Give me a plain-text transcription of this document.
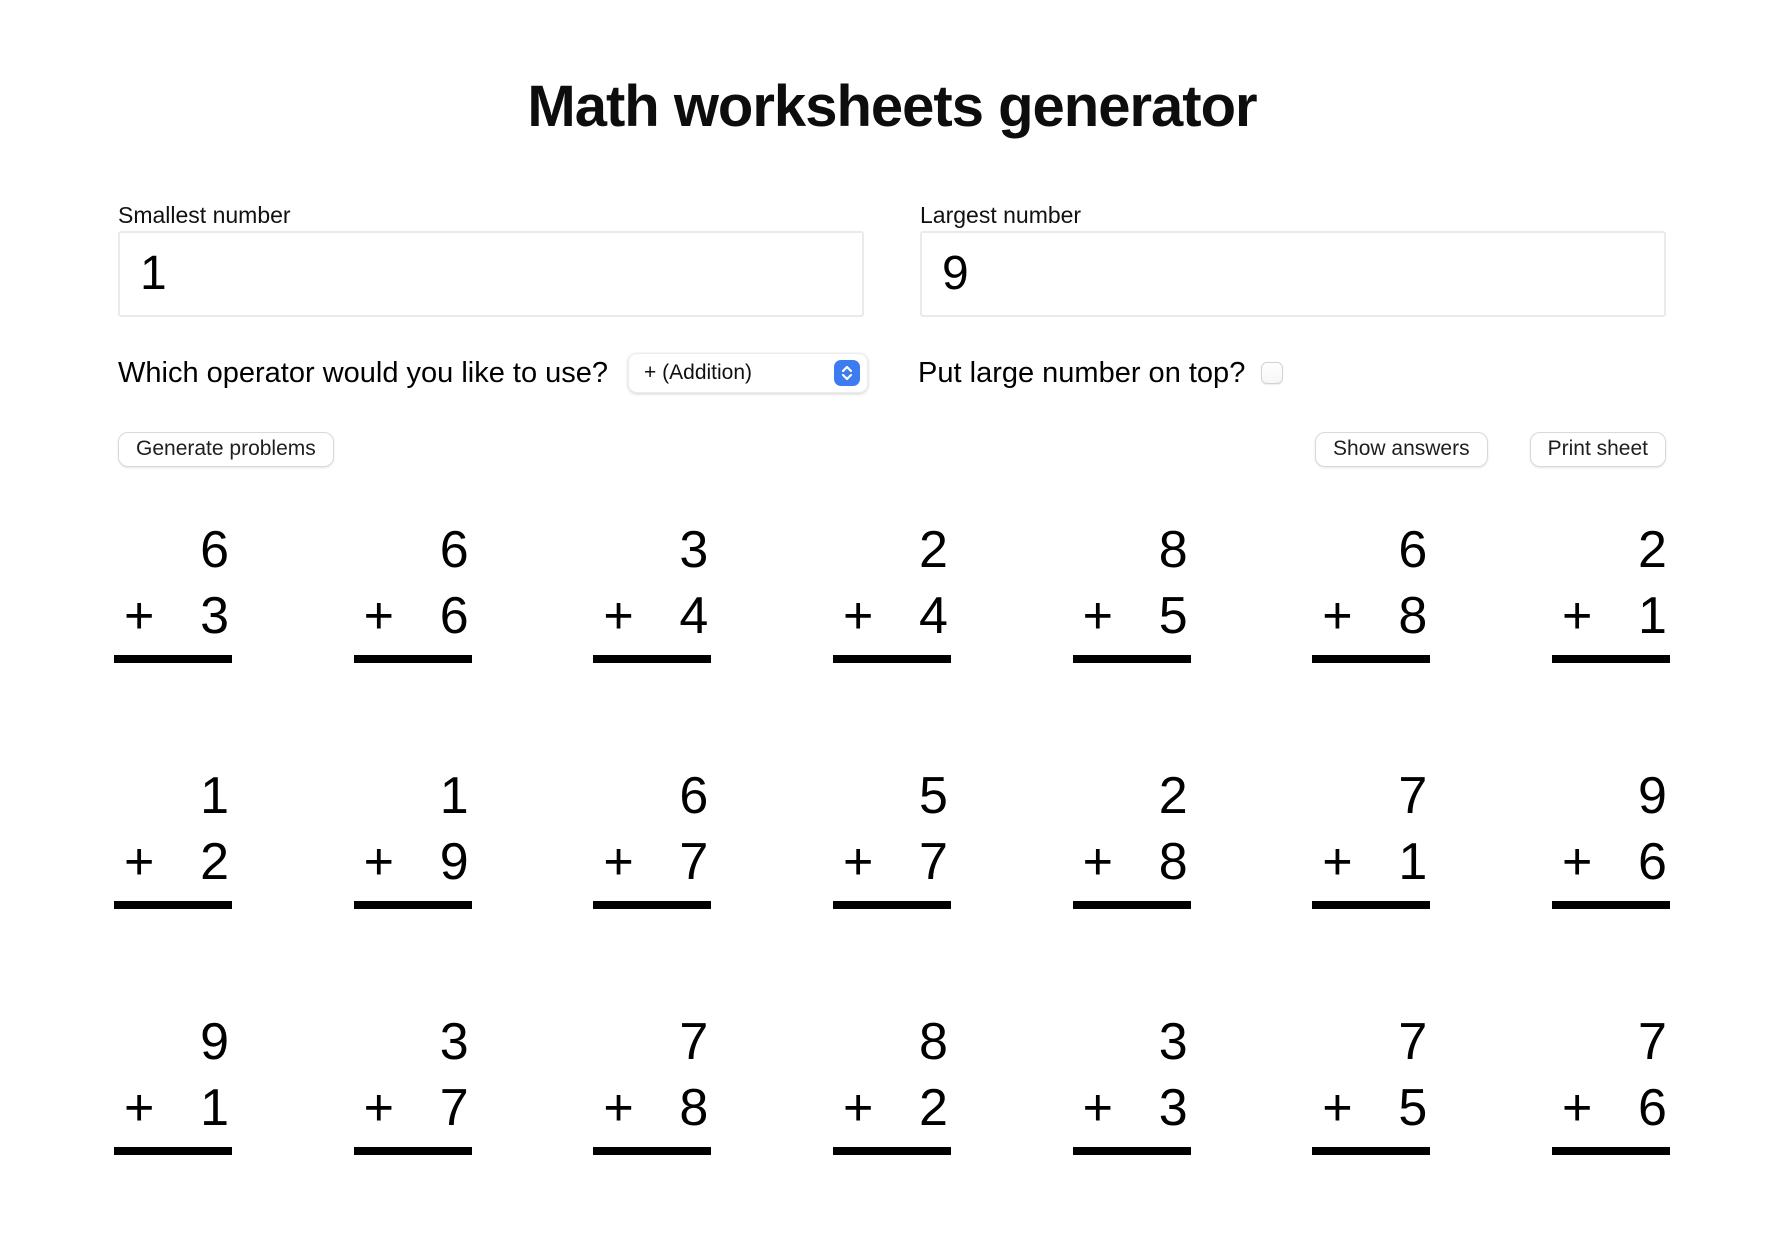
Math worksheets generator
Smallest number
1	Largest number
9
Which operator would you like to use? + (Addition)	Put large number on top?
Generate problems	Show answers	Print sheet
6
+ 3
6
+ 6
3
+ 4
2
+ 4
8
+ 5
6
+ 8
2
+ 1
1
+ 2
1
+ 9
6
+ 7
5
+ 7
2
+ 8
7
+ 1
9
+ 6
9
+ 1
3
+ 7
7
+ 8
8
+ 2
3
+ 3
7
+ 5
7
+ 6
